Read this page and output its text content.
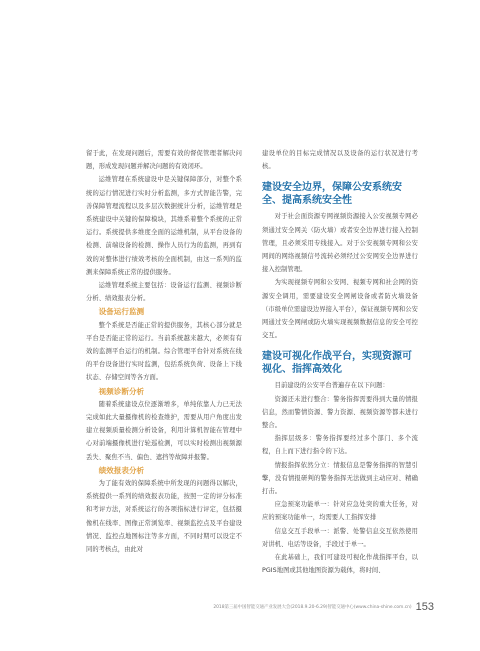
留于此，在发现问题后，需要有效的督促管理者解决问题，形成发现问题并解决问题的有效闭环。

运维管理在系统建设中是关键保障部分，对整个系统的运行情况进行实时分析监测，多方式智能告警，完善保障管理流程以及多层次数据统计分析，运维管理是系统建设中关键的保障模块，其维系着整个系统的正常运行。系统提供多维度全面的运维机制，从平台设备的检测、前端设备的检测、操作人员行为的监测，再到有效的对整体进行绩效考核的全面机制，由这一系列的监测来保障系统正常的提供服务。

运维管理系统主要包括：设备运行监测、视频诊断分析、绩效报表分析。

设备运行监测

整个系统是否能正常的提供服务，其核心部分就是平台是否能正常的运行。当前系统越来越大，必须有有效的监测平台运行的机制。综合管理平台针对系统在线的平台设备进行实时监测，包括系统负荷、设备上下线状态、存储空间等各方面。

视频诊断分析

随着系统建设点位逐渐增多，单纯依靠人力已无法完成如此大量摄像机的检查维护，需要从用户角度出发建立视频质量检测分析设备，利用计算机智能在管理中心对前端摄像机进行轮巡检测，可以实时检测出视频源丢失、聚焦不当、偏色、遮挡等故障并报警。

绩效报表分析

为了能有效的保障系统中所发现的问题得以解决，系统提供一系列的绩效报表功能，按照一定的评分标准和考评方法，对系统运行的各项指标进行评定，包括摄像机在线率、图像正常浏览率、视频监控点及平台建设情况、监控点地图标注等多方面，不同时期可以设定不同的考核点，由此对

建设单位的目标完成情况以及设备的运行状况进行考核。

建设安全边界，保障公安系统安全、提高系统安全性

对于社会面资源专网视频资源接入公安视频专网必须通过安全网关（防火墙）或者安全边界进行接入控制管理，且必须采用专线接入。对于公安视频专网和公安网间的网络视频信号流转必须经过公安网安全边界进行接入控制管理。

为实现视频专网和公安网、视频专网和社会网的资源安全调用，需要建设安全网闸设备或者防火墙设备（市级单位需建设边界接入平台），保证视频专网和公安网通过安全网闸或防火墙实现视频数据信息的安全可控交互。

建设可视化作战平台，实现资源可视化、指挥高效化

目前建设的公安平台普遍存在以下问题：

资源还未进行整合：警务指挥需要得到大量的情报信息，然而警情资源、警力资源、视频资源等都未进行整合。

指挥层级多：警务指挥要经过多个部门、多个流程，自上而下进行指令的下达。

情报指挥依然分立：情报信息是警务指挥的智慧引擎，没有情报研判的警务指挥无法做到主动应对、精确打击。

应急预案功能单一：针对应急处突的重大任务，对应的预案功能单一，均需要人工指挥安排

信息交互手段单一：派警、处警信息交互依然使用对讲机、电话等设备，手段过于单一。

在此基础上，我们可建设可视化作战指挥平台，以PGIS地图或其他地图资源为载体，将时间、

2018第三届中国智能交通产业发展大会(2018.9.20-6.29)智能交通中心(www.china-shine.com.cn) 153
